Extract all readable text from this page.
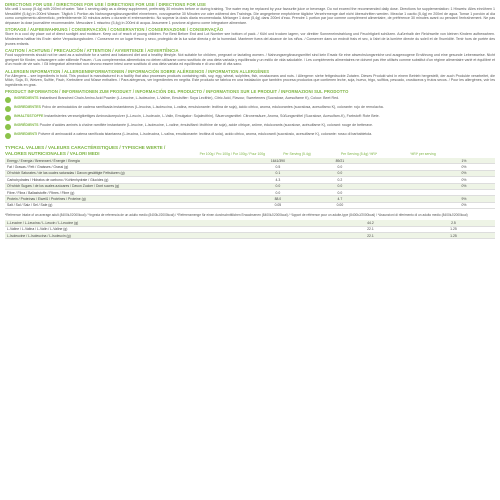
DIRECTIONS FOR USE / DIRECTIONS FOR USE / DIRECTIONS FOR USE / DIRECTIONS FOR USE

Mix until 1 scoop (5.4g) with 200ml of water. Take 1 serving daily as a dietary supplement, preferably 30 minutes before or during training. The water may be replaced by your favourite juice or beverage. Do not exceed the recommended daily dose. Directions for supplementation: 1 Hinweis: Alles einrühren 1 Messlöffel (5,4g) in 200ml Wasser. Täglich 1 Portion als Nahrungsergänzungsmittel einnehmen, vorzugsweise 30 Minuten vor oder während des Trainings. Die angegebene empfohlene tägliche Verzehrmenge darf nicht überschritten werden. Mezclar 1 cacito (5,4g) en 200ml de agua. Tomar 1 porción al día como complemento alimenticio, preferiblemente 30 minutos antes o durante el entrenamiento. No superar la dosis diaria recomendada. Mélanger 1 dose (5,4g) dans 200ml d'eau. Prendre 1 portion par jour comme complément alimentaire, de préférence 30 minutes avant ou pendant l'entraînement. Ne pas dépasser la dose journalière recommandée. Mescolare 1 misurino (5,4g) in 200ml di acqua. Assumere 1 porzione al giorno come integratore alimentare.

STORAGE / AUFBEWAHRUNG / CONSERVACIÓN / CONSERVATION / CONSERVAZIONE / CONSERVAÇÃO

Store in a cool dry place out of direct sunlight and moisture. Keep out of reach of young children. For Best Before End and Lot Number see bottom of pack. / Kühl und trocken lagern, vor direkter Sonneneinstrahlung und Feuchtigkeit schützen. Außerhalb der Reichweite von kleinen Kindern aufbewahren. Mindestens haltbar bis Ende: siehe Verpackungsboden. / Conservar en un lugar fresco y seco, protegido de la luz solar directa y de la humedad. Mantener fuera del alcance de los niños. / Conserver dans un endroit frais et sec, à l'abri de la lumière directe du soleil et de l'humidité. Tenir hors de portée des jeunes enfants.

CAUTION / ACHTUNG / PRECAUCIÓN / ATTENTION / AVVERTENZE / ADVERTÊNCIA

Food supplements should not be used as a substitute for a varied and balanced diet and a healthy lifestyle. Not suitable for children, pregnant or lactating women. / Nahrungsergänzungsmittel sind kein Ersatz für eine abwechslungsreiche und ausgewogene Ernährung und eine gesunde Lebensweise. Nicht geeignet für Kinder, schwangere oder stillende Frauen. / Los complementos alimenticios no deben utilizarse como sustituto de una dieta variada y equilibrada y un estilo de vida saludable. / Les compléments alimentaires ne doivent pas être utilisés comme substitut d'un régime alimentaire varié et équilibré et d'un mode de vie sain. / Gli integratori alimentari non devono essere intesi come sostituto di una dieta variata ed equilibrata e di uno stile di vita sano.

ALLERGEN INFORMATION / ALLERGENINFORMATIONEN / INFORMACIÓN SOBRE ALÉRGENOS / INFORMATION ALLERGÈNES

For Allergens – see ingredients in bold. This product is manufactured in a facility that also processes products containing milk, soy, egg, wheat, sulphites, fish, crustaceans and nuts. / Allergene: siehe fettgedruckte Zutaten. Dieses Produkt wird in einem Betrieb hergestellt, der auch Produkte verarbeitet, die Milch, Soja, Ei, Weizen, Sulfite, Fisch, Krebstiere und Nüsse enthalten. / Para alérgenos, ver ingredientes en negrita. Este producto se fabrica en una instalación que también procesa productos que contienen leche, soja, huevo, trigo, sulfitos, pescado, crustáceos y frutos secos. / Pour les allergènes, voir les ingrédients en gras.

PRODUCT INFORMATION / INFORMATIONEN ZUM PRODUKT / INFORMACIÓN DEL PRODUCTO / INFORMATIONS SUR LE PRODUIT / INFORMAZIONI SUL PRODOTTO
INGREDIENTS Instantised Branched Chain Amino Acid Powder (L-Leucine, L-Isoleucine, L-Valine, Emulsifier: Soya Lecithin), Citric Acid, Flavour, Sweeteners (Sucralose, Acesulfame K), Colour: Beet Red.
INGREDIENTES Polvo de aminoácidos de cadena ramificada instantáneos (L-leucina, L-isoleucina, L-valina, emulsionante: lecitina de soja), ácido cítrico, aroma, edulcorantes (sucralosa, acesulfamo K), colorante: rojo de remolacha.
INHALTSSTOFFE Instantisiertes verzweigtkettiges Aminosäurepulver (L-Leucin, L-Isoleucin, L-Valin, Emulgator: Sojalecithin), Säuerungsmittel: Citronensäure, Aroma, Süßungsmittel (Sucralose, Acesulfam-K), Farbstoff: Rote Bete.
INGRÉDIENTS Poudre d'acides aminés à chaîne ramifiée instantanée (L-leucine, L-isoleucine, L-valine, émulsifiant: lécithine de soja), acide citrique, arôme, édulcorants (sucralose, acésulfame K), colorant: rouge de betterave.
INGREDIENTI Polvere di aminoacidi a catena ramificata istantanea (L-leucina, L-isoleucina, L-valina, emulsionante: lecitina di soia), acido citrico, aroma, edulcoranti (sucralosio, acesulfame K), colorante: rosso di barbabietola.
TYPICAL VALUES / VALEURS CARACTÉRISTIQUES / TYPISCHE WERTE / VALORES NUTRICIONALES / VALORI MEDI	Per 100g / Pro 100g / Por 100g / Pour 100g	Per Serving (5.4g)	Per Serving (5.4g) %RI*	%RI* per serving
Energy / Energía / Brennwert / Énergie / Energia	1641/390	89/21		1%
Fat / Grasas / Fett / Graisses / Grassi (g)	0.5	0.0		0%
Of which Saturates / de las cuales saturadas / Davon gesättigte Fettsäuren (g)	0.1	0.0		0%
Carbohydrates / Hidratos de carbono / Kohlenhydrate / Glucides (g)	4.3	0.2		0%
Of which Sugars / de los cuales azúcares / Davon Zucker / Dont sucres (g)	0.0	0.0		0%
Fibre / Fibra / Ballaststoffe / Fibres / Fibre (g)	0.0	0.0		
Protein / Proteínas / Eiweiß / Protéines / Proteine (g)	88.0	4.7		9%
Salt / Sal / Salz / Sel / Sale (g)	0.05	0.00		0%
*Reference Intake of an average adult (8400kJ/2000kcal) / *Ingesta de referencia de un adulto medio (8400kJ/2000kcal) / *Referenzmenge für einen durchschnittlichen Erwachsenen (8400kJ/2000kcal) / *Apport de référence pour un adulte-type (8400kJ/2000kcal) / *Assunzioni di riferimento di un adulto medio (8400kJ/2000kcal)
L-Leucine / L-Leucina / L-Leucin / L-Leucine (g)	44.2	2.5
L-Valine / L-Valina / L-Valin / L-Valine (g)	22.1	1.25
L-Isoleucine / L-Isoleucina / L-Isoleucin (g)	22.1	1.25
